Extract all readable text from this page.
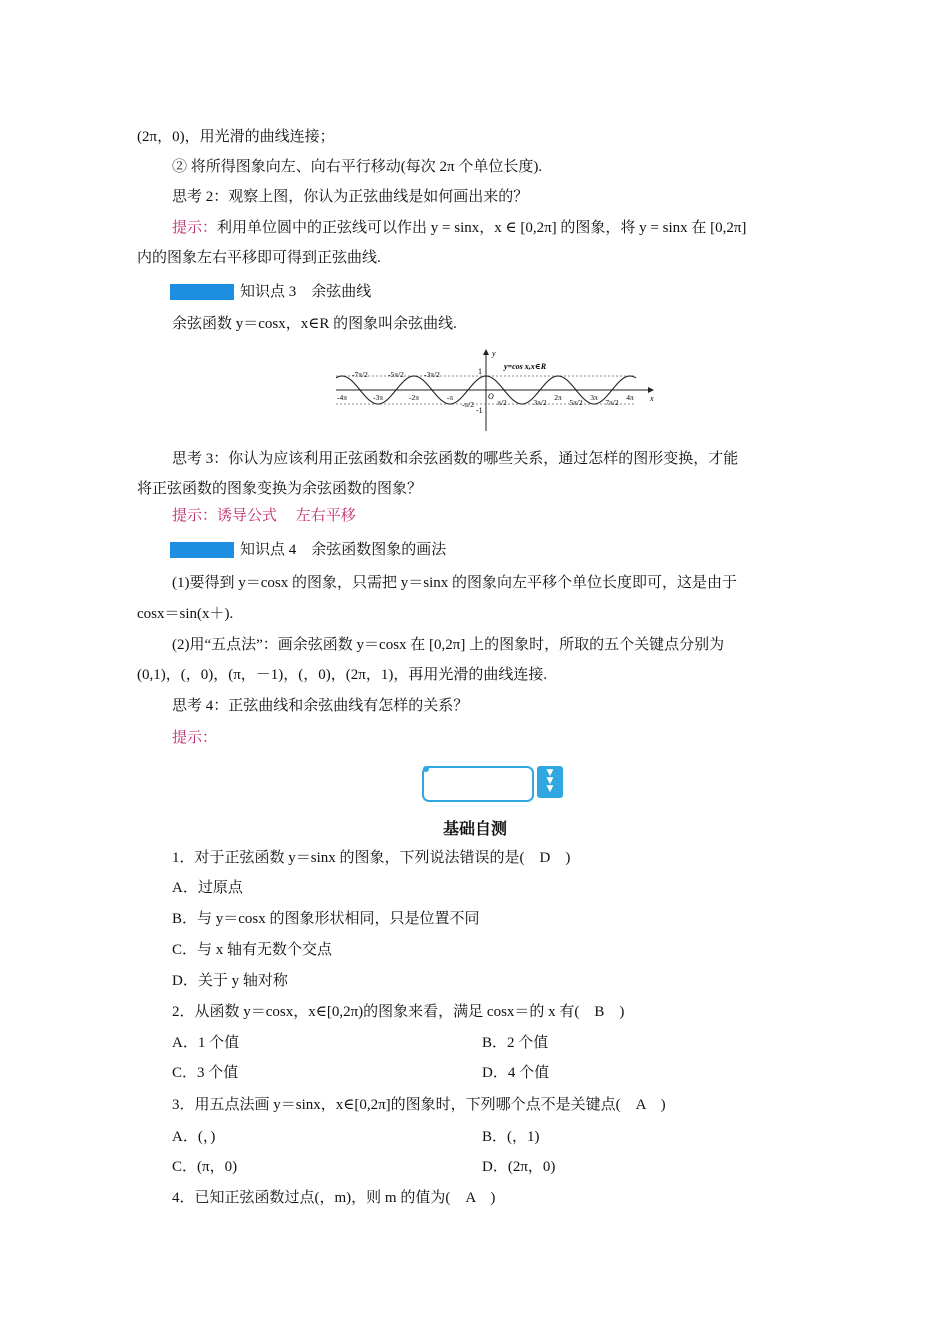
(2π，0)，用光滑的曲线连接；
② 将所得图象向左、向右平行移动(每次 2π 个单位长度).
思考 2：观察上图，你认为正弦曲线是如何画出来的？
提示：利用单位圆中的正弦线可以作出 y = sinx，x ∈ [0,2π] 的图象，将 y = sinx 在 [0,2π]
内的图象左右平移即可得到正弦曲线.
知识点 3　余弦曲线
余弦函数 y＝cosx，x∈R 的图象叫余弦曲线.
y
x
1
-1
O
y=cos x,x∈R
-7π/2	-5π/2	-3π/2
-4π	-3π	-2π	-π
-π/2	π/2	3π/2
2π
5π/2
3π
7π/2
4π
思考 3：你认为应该利用正弦函数和余弦函数的哪些关系，通过怎样的图形变换，才能
将正弦函数的图象变换为余弦函数的图象？
提示：诱导公式　 左右平移
知识点 4　余弦函数图象的画法
(1)要得到 y＝cosx 的图象，只需把 y＝sinx 的图象向左平移个单位长度即可，这是由于
cosx＝sin(x＋).
(2)用“五点法”：画余弦函数 y＝cosx 在 [0,2π] 上的图象时，所取的五个关键点分别为
(0,1)，(，0)，(π，－1)，(，0)，(2π，1)，再用光滑的曲线连接.
思考 4：正弦曲线和余弦曲线有怎样的关系？
提示：
▼
▼
▼
基础自测
1．对于正弦函数 y＝sinx 的图象，下列说法错误的是(　D　)
A．过原点
B．与 y＝cosx 的图象形状相同，只是位置不同
C．与 x 轴有无数个交点
D．关于 y 轴对称
2．从函数 y＝cosx，x∈[0,2π)的图象来看，满足 cosx＝的 x 有(　B　)
A．1 个值	B．2 个值
C．3 个值	D．4 个值
3．用五点法画 y＝sinx，x∈[0,2π]的图象时，下列哪个点不是关键点(　A　)
A．(，)	B．(，1)
C．(π，0)	D．(2π，0)
4．已知正弦函数过点(，m)，则 m 的值为(　A　)
